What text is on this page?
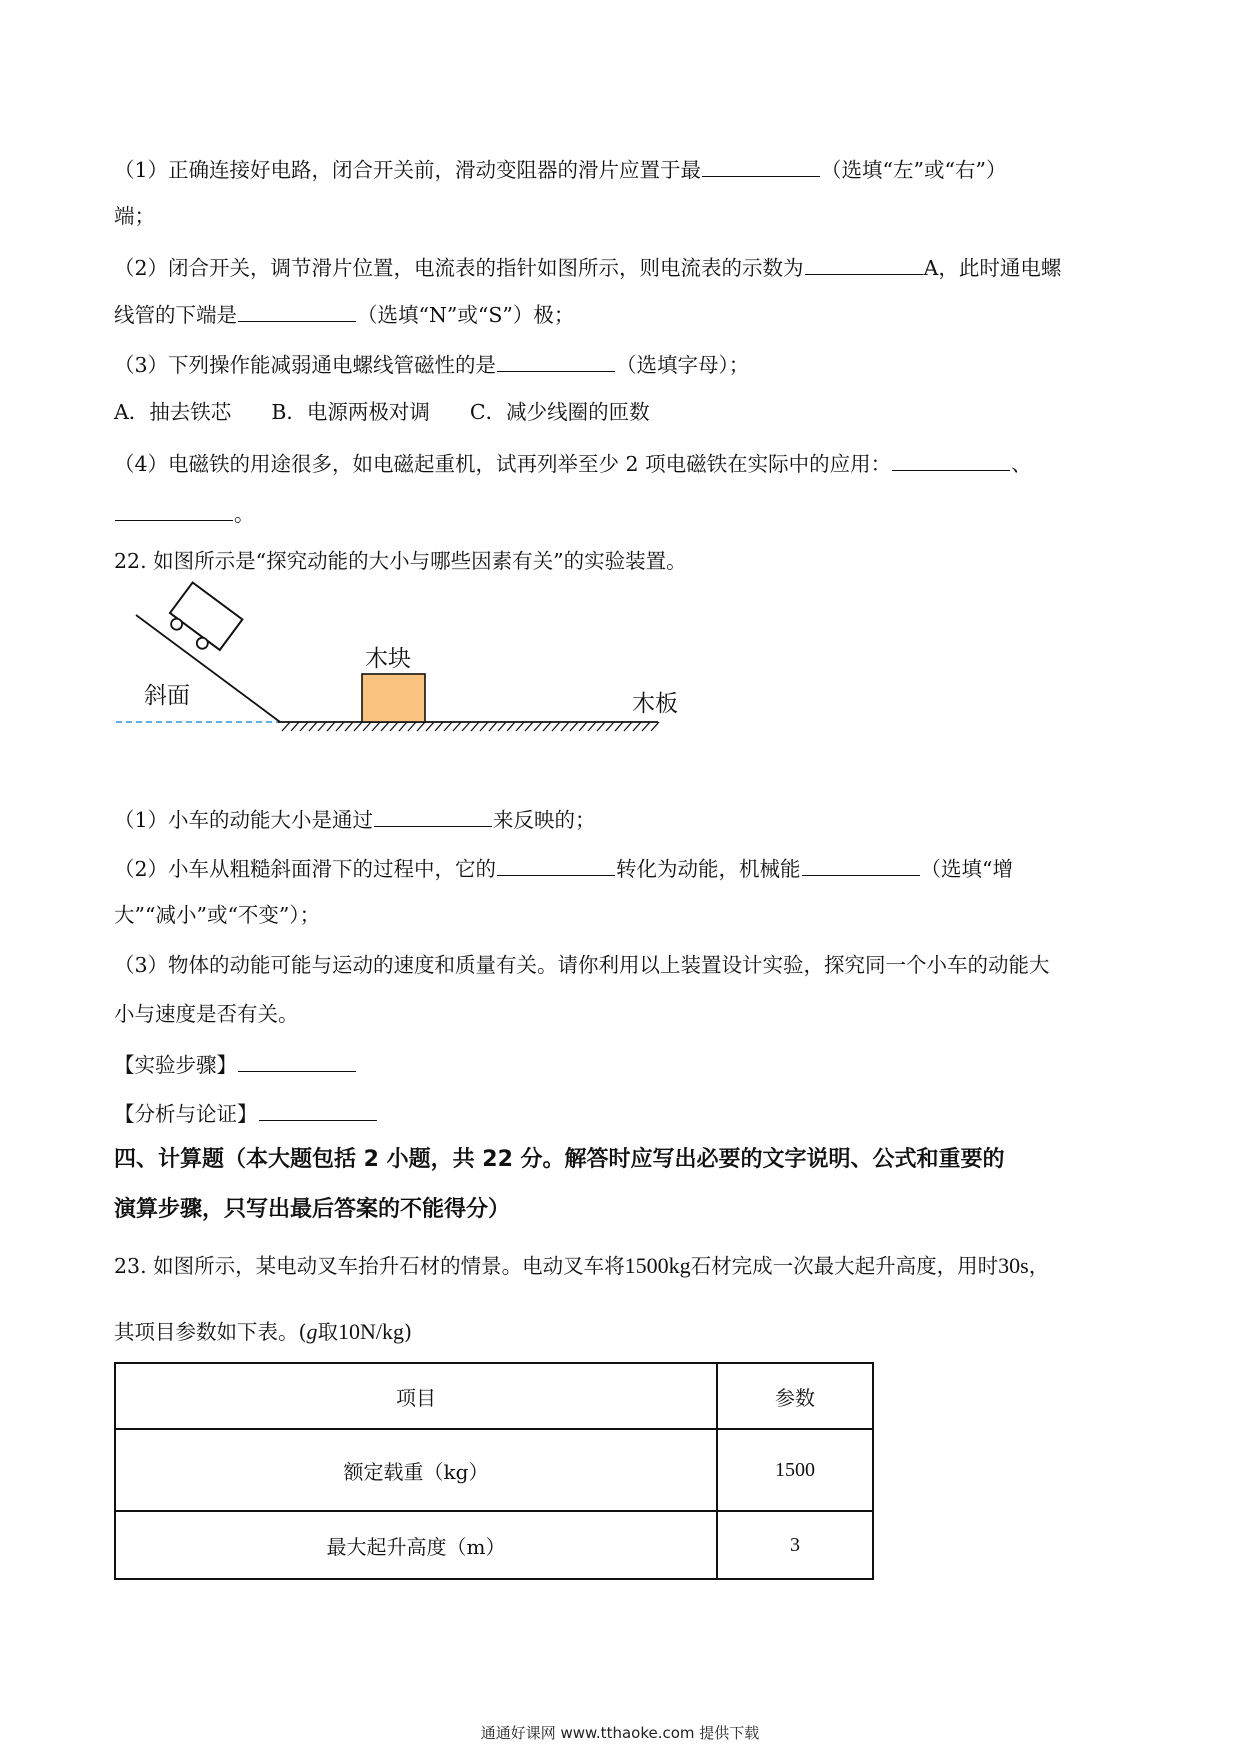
（1）正确连接好电路，闭合开关前，滑动变阻器的滑片应置于最	（选填“左”或“右”）
端；
（2）闭合开关，调节滑片位置，电流表的指针如图所示，则电流表的示数为	A，此时通电螺
线管的下端是	（选填“N”或“S”）极；
（3）下列操作能减弱通电螺线管磁性的是	（选填字母）；
A．抽去铁芯 B．电源两极对调 C．减少线圈的匝数
（4）电磁铁的用途很多，如电磁起重机，试再列举至少 2 项电磁铁在实际中的应用：	、
。
22. 如图所示是“探究动能的大小与哪些因素有关”的实验装置。
斜面
木块
木板
（1）小车的动能大小是通过	来反映的；
（2）小车从粗糙斜面滑下的过程中，它的	转化为动能，机械能	（选填“增
大”“减小”或“不变”）；
（3）物体的动能可能与运动的速度和质量有关。请你利用以上装置设计实验，探究同一个小车的动能大
小与速度是否有关。
【实验步骤】
【分析与论证】
四、计算题（本大题包括 2 小题，共 22 分。解答时应写出必要的文字说明、公式和重要的
演算步骤，只写出最后答案的不能得分）
23. 如图所示，某电动叉车抬升石材的情景。电动叉车将1500kg石材完成一次最大起升高度，用时30s，
其项目参数如下表。(g取10N/kg)
项目	参数
额定载重（kg）	1500
最大起升高度（m）	3
通通好课网 www.tthaoke.com 提供下载
